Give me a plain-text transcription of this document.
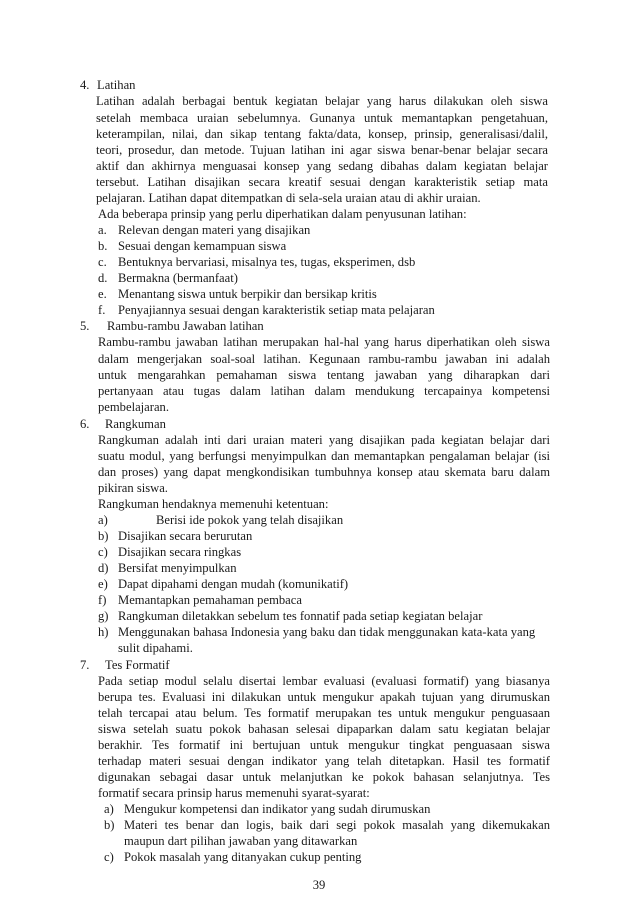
4. Latihan
Latihan adalah berbagai bentuk kegiatan belajar yang harus dilakukan oleh siswa
setelah membaca uraian sebelumnya. Gunanya untuk memantapkan pengetahuan,
keterampilan, nilai, dan sikap tentang fakta/data, konsep, prinsip, generalisasi/dalil,
teori, prosedur, dan metode. Tujuan latihan ini agar siswa benar-benar belajar secara
aktif dan akhirnya menguasai konsep yang sedang dibahas dalam kegiatan belajar
tersebut. Latihan disajikan secara kreatif sesuai dengan karakteristik setiap mata
pelajaran. Latihan dapat ditempatkan di sela-sela uraian atau di akhir uraian.
Ada beberapa prinsip yang perlu diperhatikan dalam penyusunan latihan:
a. Relevan dengan materi yang disajikan
b. Sesuai dengan kemampuan siswa
c. Bentuknya bervariasi, misalnya tes, tugas, eksperimen, dsb
d. Bermakna (bermanfaat)
e. Menantang siswa untuk berpikir dan bersikap kritis
f. Penyajiannya sesuai dengan karakteristik setiap mata pelajaran
5. Rambu-rambu Jawaban latihan
Rambu-rambu jawaban latihan merupakan hal-hal yang harus diperhatikan oleh siswa
dalam mengerjakan soal-soal latihan. Kegunaan rambu-rambu jawaban ini adalah
untuk mengarahkan pemahaman siswa tentang jawaban yang diharapkan dari
pertanyaan atau tugas dalam latihan dalam mendukung tercapainya kompetensi
pembelajaran.
6. Rangkuman
Rangkuman adalah inti dari uraian materi yang disajikan pada kegiatan belajar dari
suatu modul, yang berfungsi menyimpulkan dan memantapkan pengalaman belajar (isi
dan proses) yang dapat mengkondisikan tumbuhnya konsep atau skemata baru dalam
pikiran siswa.
Rangkuman hendaknya memenuhi ketentuan:
a)	Berisi ide pokok yang telah disajikan
b) Disajikan secara berurutan
c) Disajikan secara ringkas
d) Bersifat menyimpulkan
e) Dapat dipahami dengan mudah (komunikatif)
f) Memantapkan pemahaman pembaca
g) Rangkuman diletakkan sebelum tes fonnatif pada setiap kegiatan belajar
h) Menggunakan bahasa Indonesia yang baku dan tidak menggunakan kata-kata yang
sulit dipahami.
7. Tes Formatif
Pada setiap modul selalu disertai lembar evaluasi (evaluasi formatif) yang biasanya
berupa tes. Evaluasi ini dilakukan untuk mengukur apakah tujuan yang dirumuskan
telah tercapai atau belum. Tes formatif merupakan tes untuk mengukur penguasaan
siswa setelah suatu pokok bahasan selesai dipaparkan dalam satu kegiatan belajar
berakhir. Tes formatif ini bertujuan untuk mengukur tingkat penguasaan siswa
terhadap materi sesuai dengan indikator yang telah ditetapkan. Hasil tes formatif
digunakan sebagai dasar untuk melanjutkan ke pokok bahasan selanjutnya. Tes
formatif secara prinsip harus memenuhi syarat-syarat:
a) Mengukur kompetensi dan indikator yang sudah dirumuskan
b) Materi tes benar dan logis, baik dari segi pokok masalah yang dikemukakan
maupun dart pilihan jawaban yang ditawarkan
c) Pokok masalah yang ditanyakan cukup penting
39
